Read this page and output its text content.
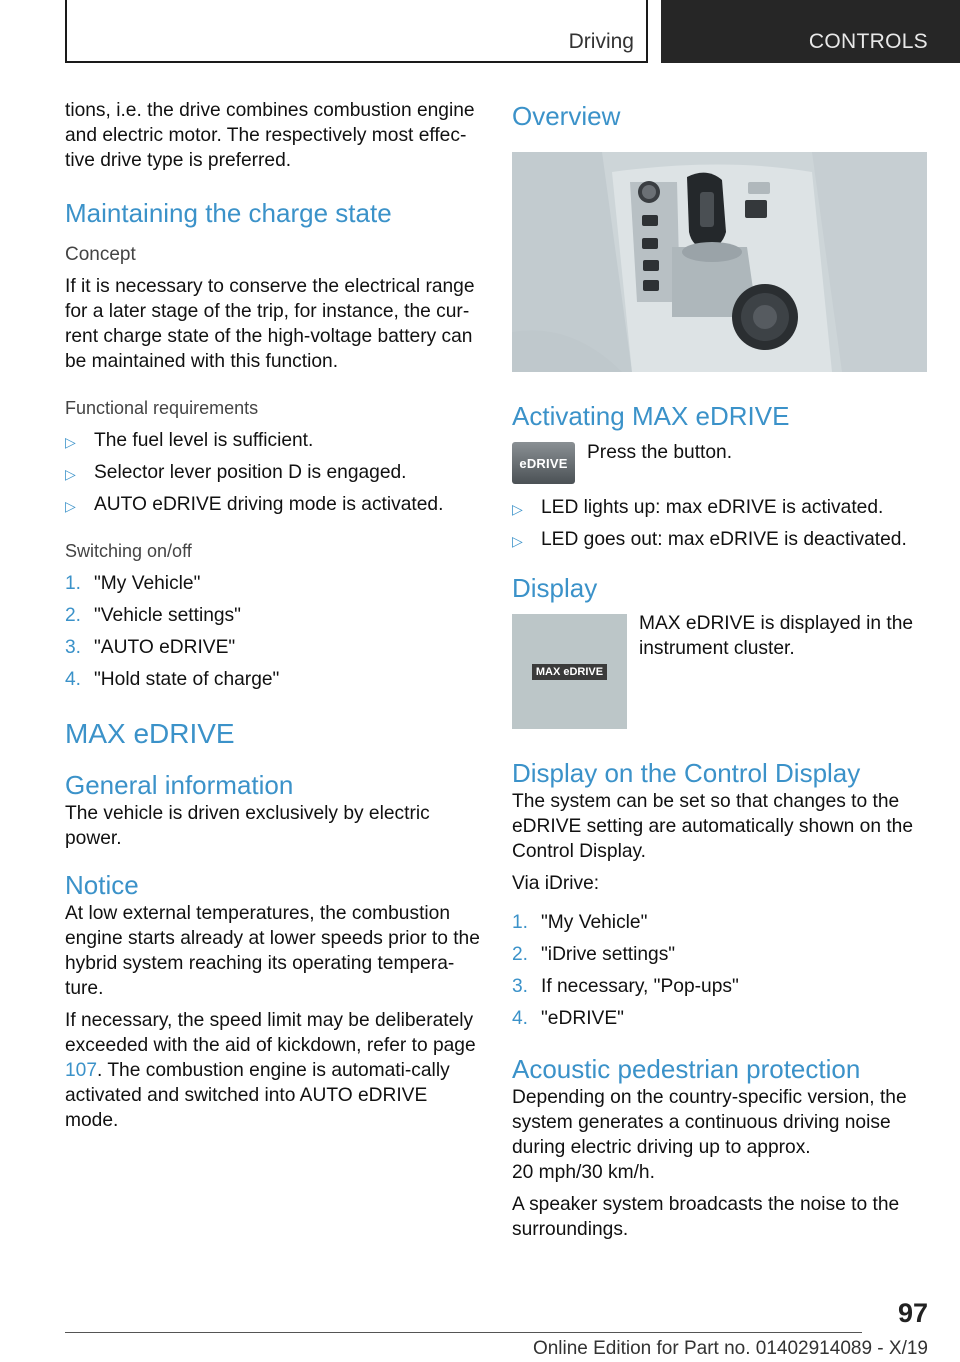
Driving	CONTROLS

tions, i.e. the drive combines combustion engine and electric motor. The respectively most effec-tive drive type is preferred.

Maintaining the charge state
Concept

If it is necessary to conserve the electrical range for a later stage of the trip, for instance, the cur-rent charge state of the high-voltage battery can be maintained with this function.

Functional requirements
▷ The fuel level is sufficient.
▷ Selector lever position D is engaged.
▷ AUTO eDRIVE driving mode is activated.
Switching on/off
1. "My Vehicle"
2. "Vehicle settings"
3. "AUTO eDRIVE"
4. "Hold state of charge"
MAX eDRIVE
General information

The vehicle is driven exclusively by electric power.

Notice

At low external temperatures, the combustion engine starts already at lower speeds prior to the hybrid system reaching its operating tempera-ture.

If necessary, the speed limit may be deliberately exceeded with the aid of kickdown, refer to page 107. The combustion engine is automati-cally activated and switched into AUTO eDRIVE mode.

Overview
Activating MAX eDRIVE
eDRIVE Press the button.

▷ LED lights up: max eDRIVE is activated.
▷ LED goes out: max eDRIVE is deactivated.
Display
MAX eDRIVE

MAX eDRIVE is displayed in the instrument cluster.

Display on the Control Display

The system can be set so that changes to the eDRIVE setting are automatically shown on the Control Display.

Via iDrive:

1. "My Vehicle"
2. "iDrive settings"
3. If necessary, "Pop-ups"
4. "eDRIVE"
Acoustic pedestrian protection

Depending on the country-specific version, the system generates a continuous driving noise during electric driving up to approx.

20 mph/30 km/h.

A speaker system broadcasts the noise to the surroundings.

97
Online Edition for Part no. 01402914089 - X/19
